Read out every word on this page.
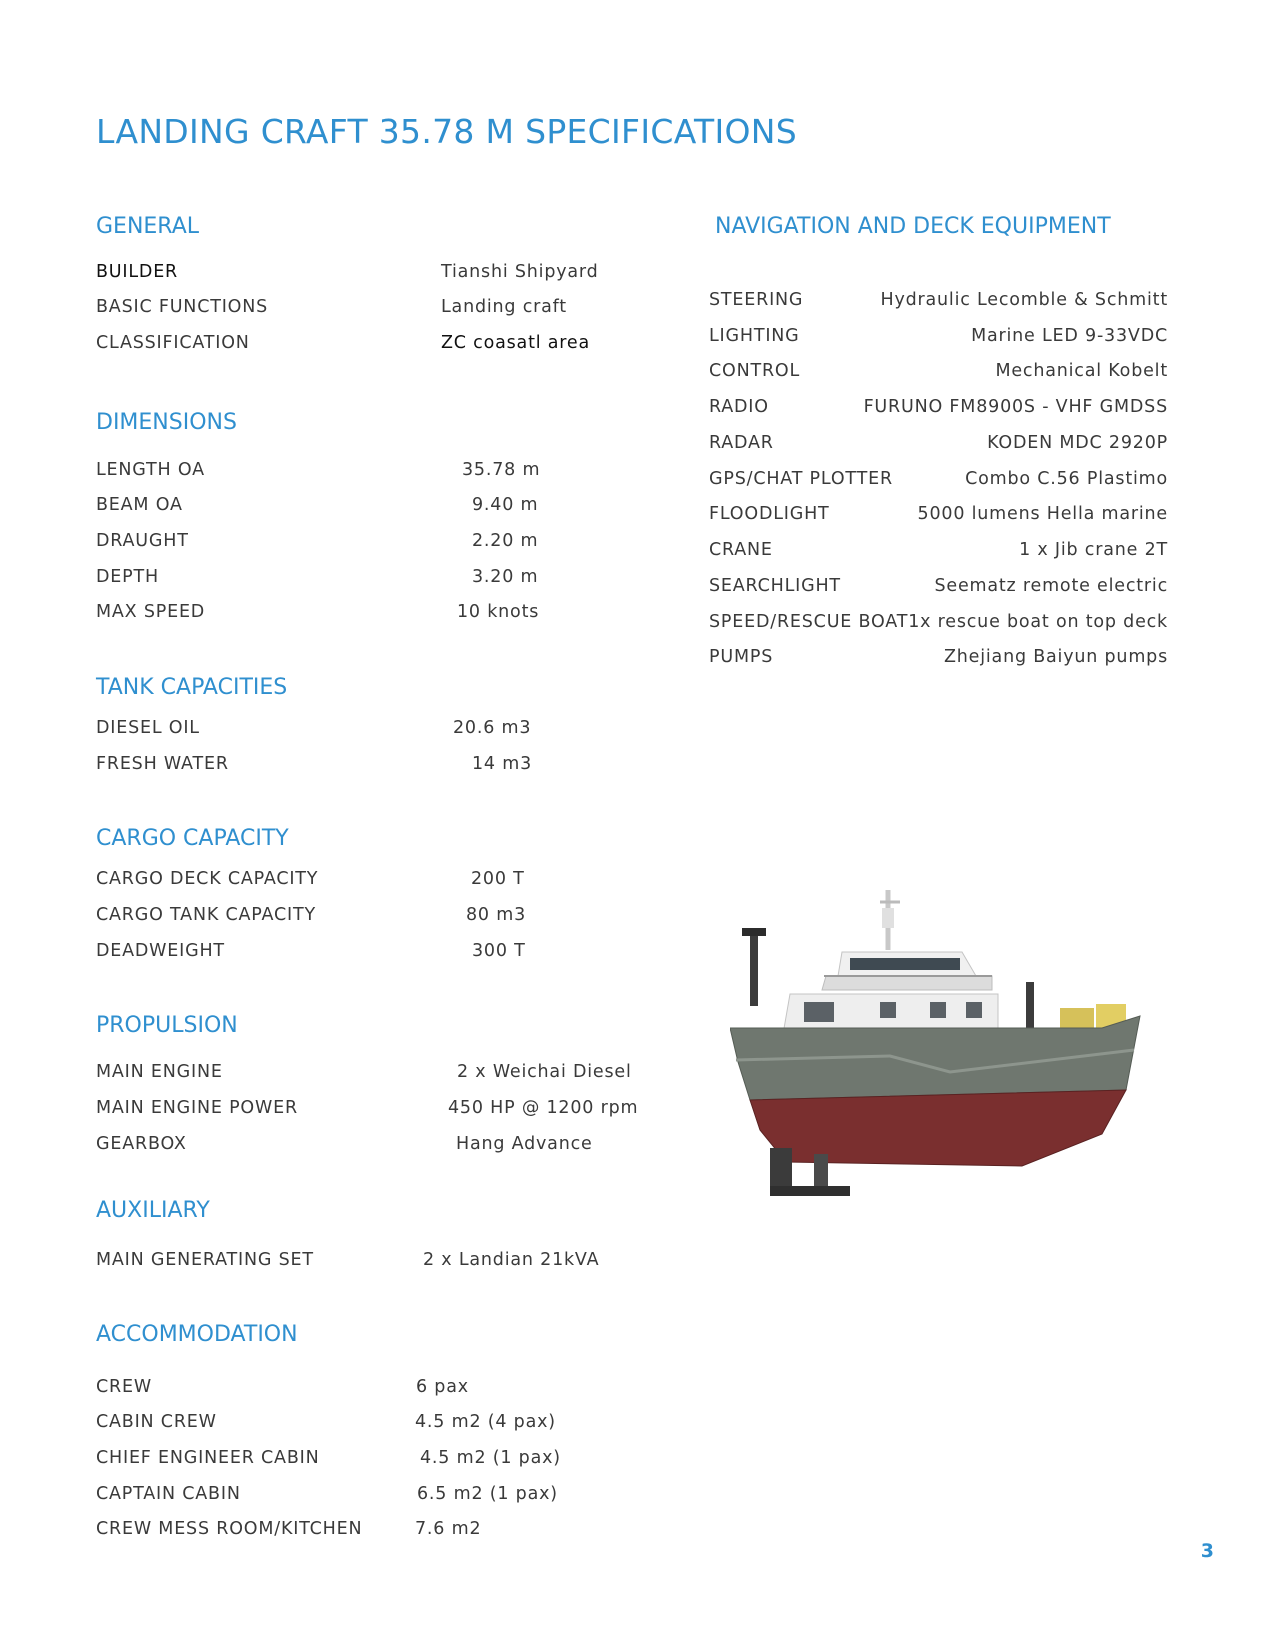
LANDING CRAFT 35.78 M SPECIFICATIONS
GENERAL
BUILDER	Tianshi Shipyard
BASIC FUNCTIONS	Landing craft
CLASSIFICATION	ZC coasatl area
DIMENSIONS
LENGTH OA	35.78 m
BEAM OA	9.40 m
DRAUGHT	2.20 m
DEPTH	3.20 m
MAX SPEED	10 knots
TANK CAPACITIES
DIESEL OIL	20.6 m3
FRESH WATER	14 m3
CARGO CAPACITY
CARGO DECK CAPACITY	200 T
CARGO TANK CAPACITY	80 m3
DEADWEIGHT	300 T
PROPULSION
MAIN ENGINE	2 x Weichai Diesel
MAIN ENGINE POWER	450 HP @ 1200 rpm
GEARBOX	Hang Advance
AUXILIARY
MAIN GENERATING SET	2 x Landian 21kVA
ACCOMMODATION
CREW	6 pax
CABIN CREW	4.5 m2 (4 pax)
CHIEF ENGINEER CABIN	4.5 m2 (1 pax)
CAPTAIN CABIN	6.5 m2 (1 pax)
CREW MESS ROOM/KITCHEN	7.6 m2
NAVIGATION AND DECK EQUIPMENT
STEERING	Hydraulic Lecomble & Schmitt
LIGHTING	Marine LED 9-33VDC
CONTROL	Mechanical Kobelt
RADIO	FURUNO FM8900S - VHF GMDSS
RADAR	KODEN MDC 2920P
GPS/CHAT PLOTTER	Combo C.56 Plastimo
FLOODLIGHT	5000 lumens Hella marine
CRANE	1 x Jib crane 2T
SEARCHLIGHT	Seematz remote electric
SPEED/RESCUE BOAT 1x rescue boat on top deck
PUMPS	Zhejiang Baiyun pumps
3
